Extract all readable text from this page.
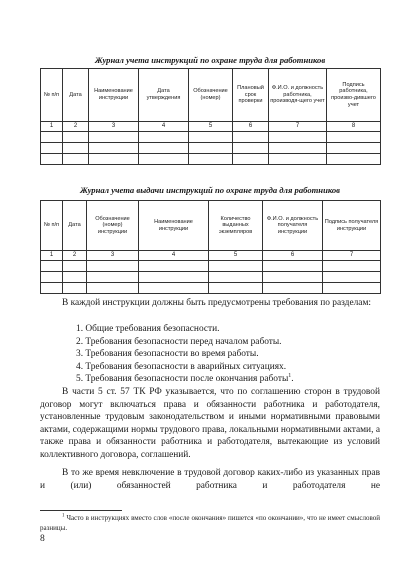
Журнал учета инструкций по охране труда для работников
№ п/п	Дата	Наименование инструкции	Дата утверждения	Обозначение (номер)	Плановый срок проверки	Ф.И.О. и должность работника, производя-щего учет	Подпись работника, произво-дившего учет
1	2	3	4	5	6	7	8

Журнал учета выдачи инструкций по охране труда для работников
№ п/п	Дата	Обозначение (номер) инструкции	Наименование инструкции	Количество выданных экземпляров	Ф.И.О. и должность получателя инструкции	Подпись получателя инструкции
1	2	3	4	5	6	7

В каждой инструкции должны быть предусмотрены требования по разделам:

1. Общие требования безопасности.
2. Требования безопасности перед началом работы.
3. Требования безопасности во время работы.
4. Требования безопасности в аварийных ситуациях.
5. Требования безопасности после окончания работы$^1$.

В части 5 ст. 57 ТК РФ указывается, что по соглашению сторон в трудовой договор могут включаться права и обязанности работника и работодателя, установленные трудовым законодательством и иными нормативными правовыми актами, содержащими нормы трудового права, локальными нормативными актами, а также права и обязанности работника и работодателя, вытекающие из условий коллективного договора, соглашений.

В то же время невключение в трудовой договор каких-либо из указанных прав и (или) обязанностей работника и работодателя не

$^1$ Часто в инструкциях вместо слов «после окончания» пишется «по окончании», что не имеет смысловой разницы.

8
